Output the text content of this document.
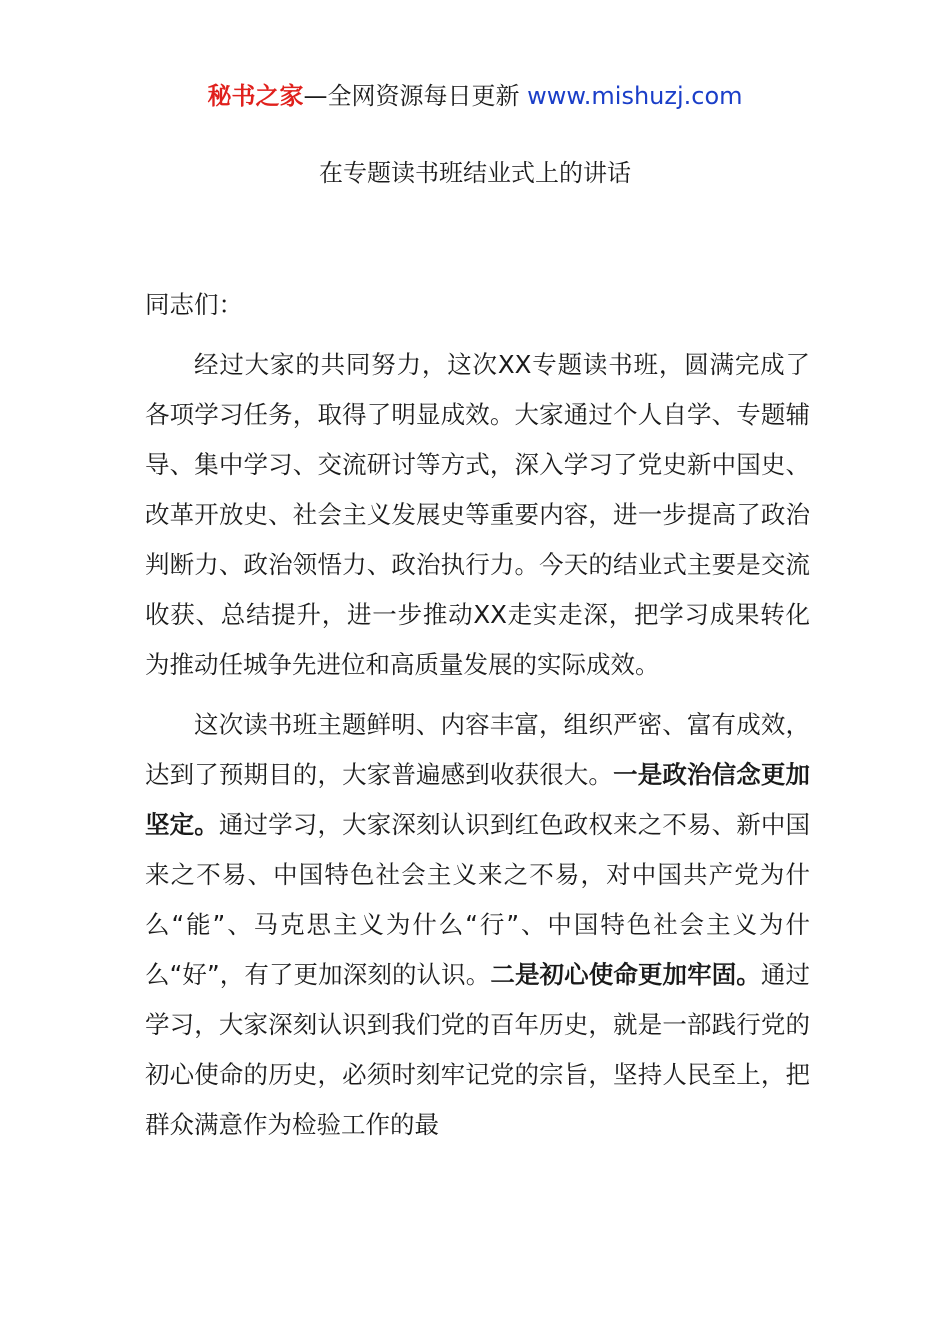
秘书之家—全网资源每日更新 www.mishuzj.com
在专题读书班结业式上的讲话

同志们：

经过大家的共同努力，这次XX专题读书班，圆满完成了各项学习任务，取得了明显成效。大家通过个人自学、专题辅导、集中学习、交流研讨等方式，深入学习了党史新中国史、改革开放史、社会主义发展史等重要内容，进一步提高了政治判断力、政治领悟力、政治执行力。今天的结业式主要是交流收获、总结提升，进一步推动XX走实走深，把学习成果转化为推动任城争先进位和高质量发展的实际成效。

这次读书班主题鲜明、内容丰富，组织严密、富有成效，达到了预期目的，大家普遍感到收获很大。一是政治信念更加坚定。通过学习，大家深刻认识到红色政权来之不易、新中国来之不易、中国特色社会主义来之不易，对中国共产党为什么“能”、马克思主义为什么“行”、中国特色社会主义为什么“好”，有了更加深刻的认识。二是初心使命更加牢固。通过学习，大家深刻认识到我们党的百年历史，就是一部践行党的初心使命的历史，必须时刻牢记党的宗旨，坚持人民至上，把群众满意作为检验工作的最
